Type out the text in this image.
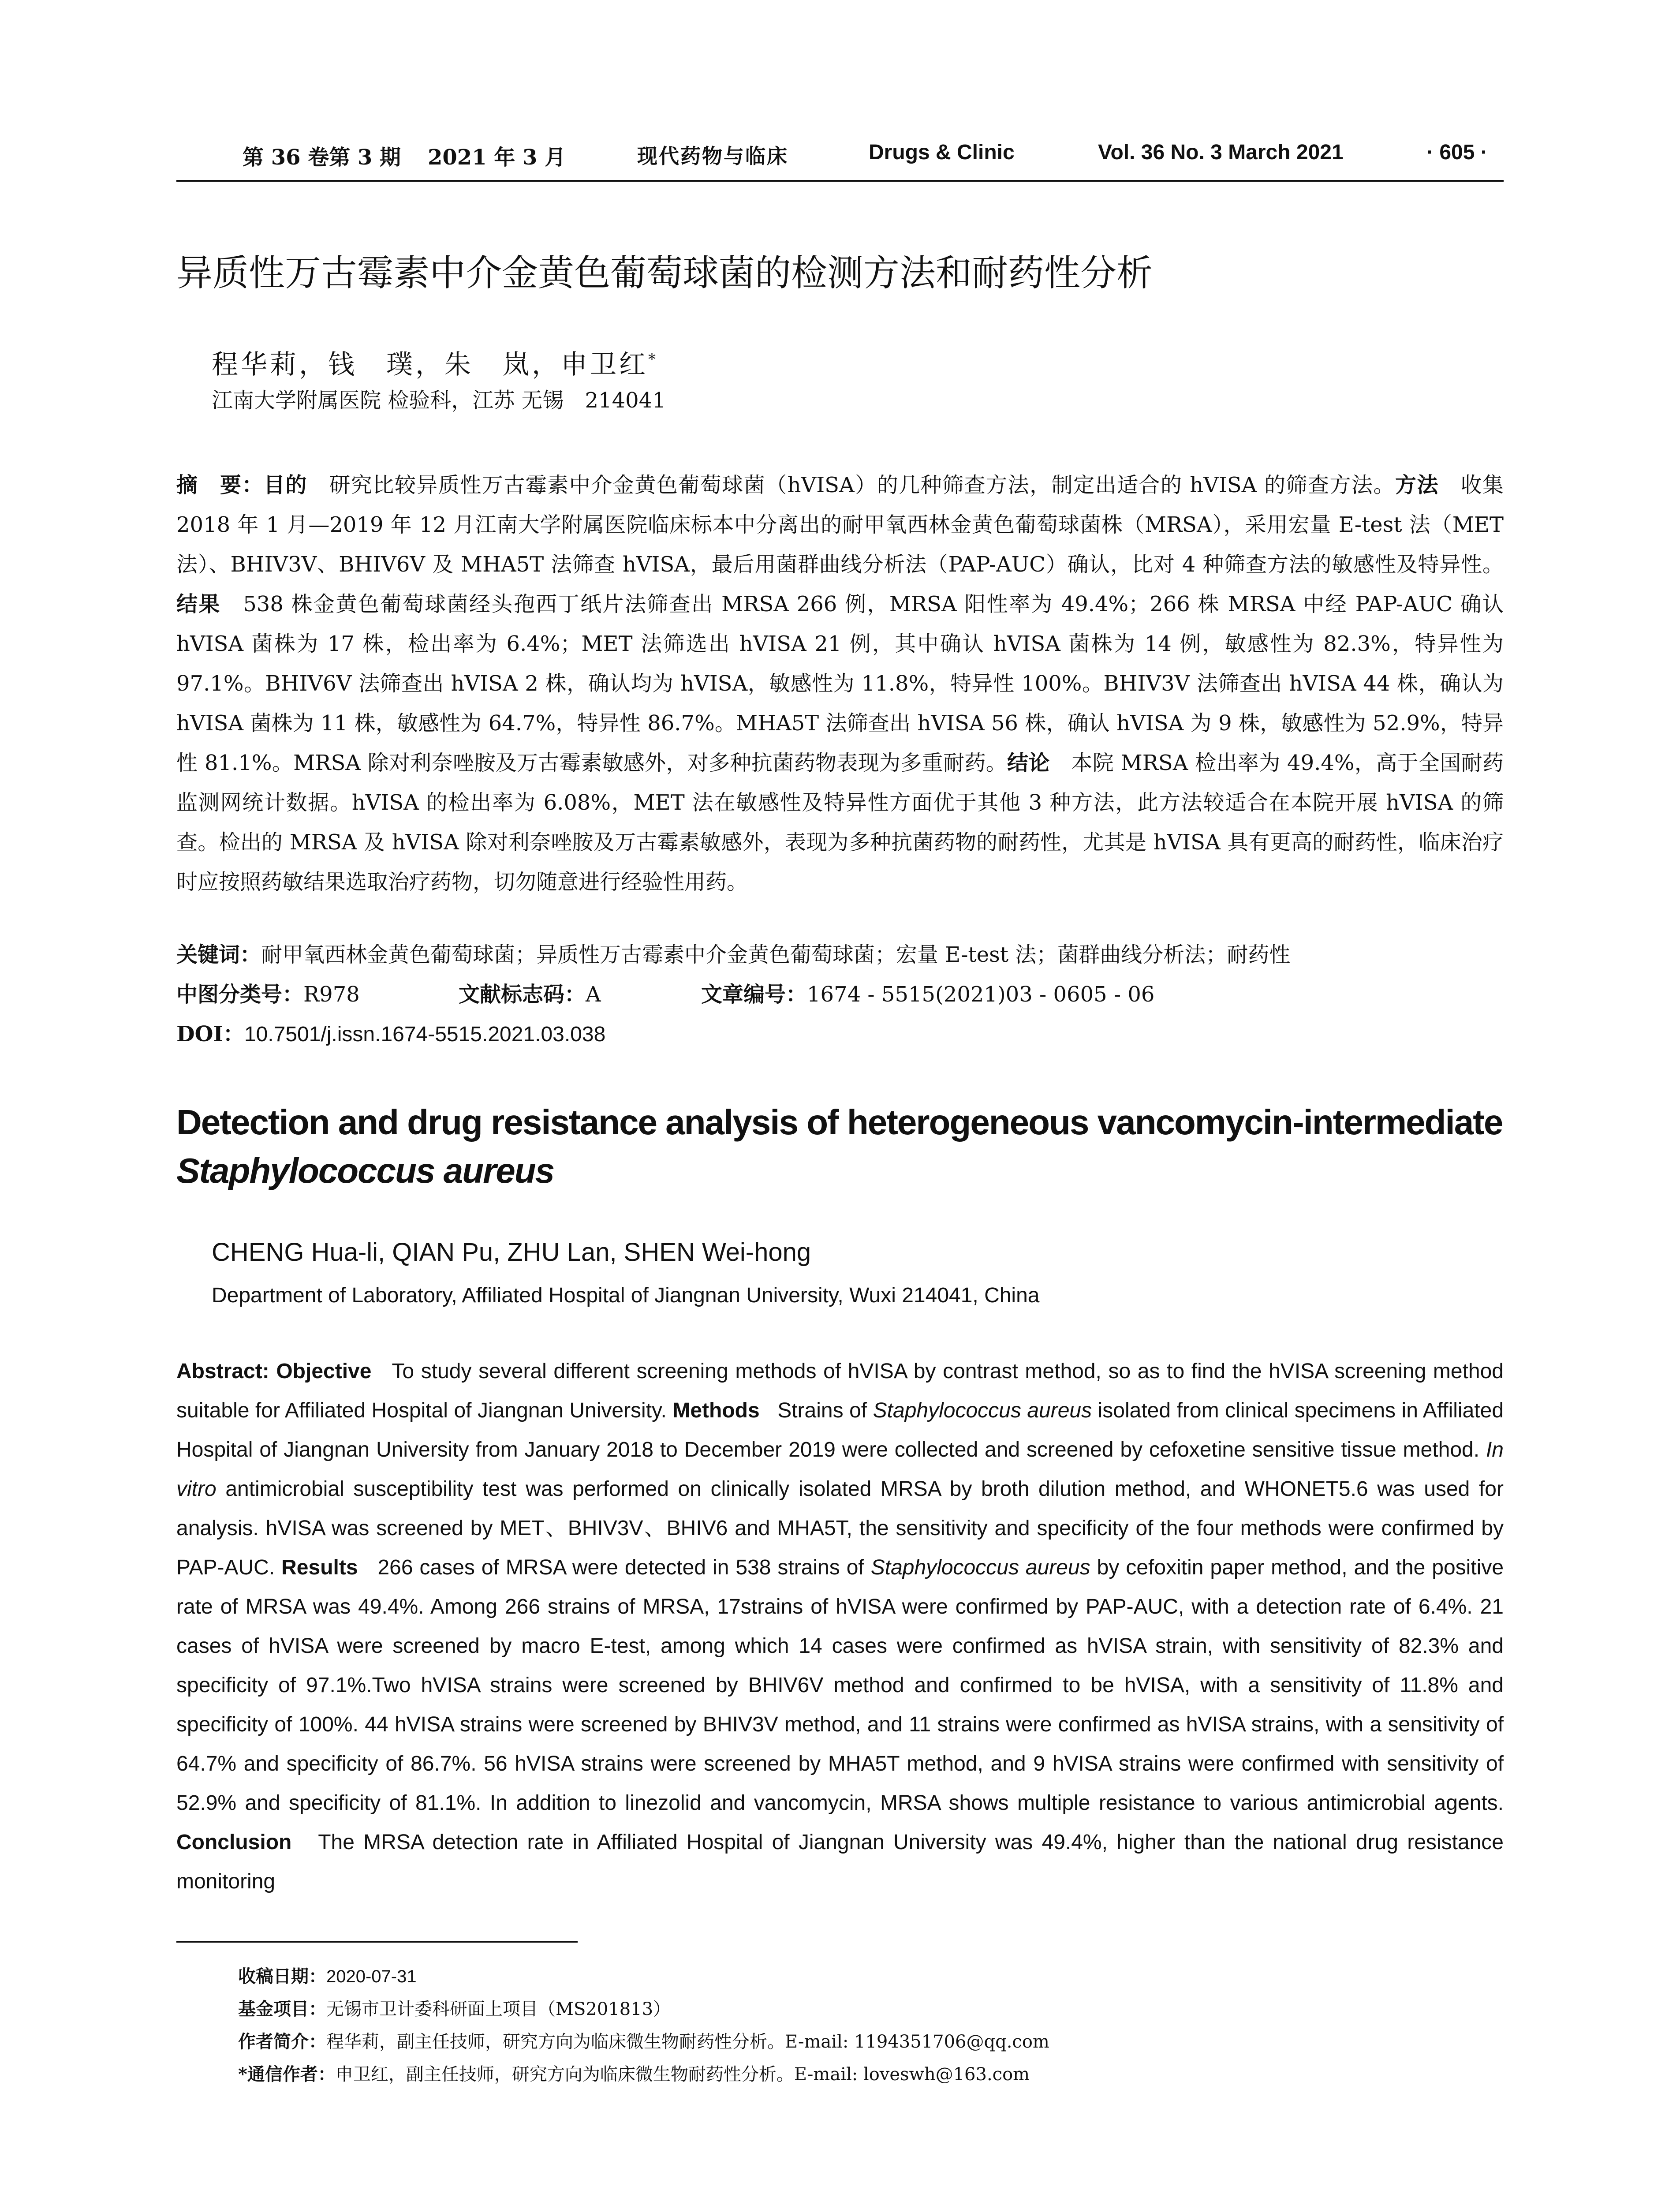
第 36 卷第 3 期 2021 年 3 月	现代药物与临床	Drugs & Clinic	Vol. 36 No. 3 March 2021	· 605 ·
异质性万古霉素中介金黄色葡萄球菌的检测方法和耐药性分析
程华莉，钱　璞，朱　岚，申卫红*
江南大学附属医院 检验科，江苏 无锡　214041
摘　要：目的　 研究比较异质性万古霉素中介金黄色葡萄球菌（hVISA）的几种筛查方法，制定出适合的 hVISA 的筛查方法。方法　 收集 2018 年 1 月—2019 年 12 月江南大学附属医院临床标本中分离出的耐甲氧西林金黄色葡萄球菌株（MRSA），采用宏量 E-test 法（MET 法）、BHIV3V、BHIV6V 及 MHA5T 法筛查 hVISA，最后用菌群曲线分析法（PAP-AUC）确认，比对 4 种筛查方法的敏感性及特异性。结果　 538 株金黄色葡萄球菌经头孢西丁纸片法筛查出 MRSA 266 例，MRSA 阳性率为 49.4%；266 株 MRSA 中经 PAP-AUC 确认 hVISA 菌株为 17 株，检出率为 6.4%；MET 法筛选出 hVISA 21 例，其中确认 hVISA 菌株为 14 例，敏感性为 82.3%，特异性为 97.1%。BHIV6V 法筛查出 hVISA 2 株，确认均为 hVISA，敏感性为 11.8%，特异性 100%。BHIV3V 法筛查出 hVISA 44 株，确认为 hVISA 菌株为 11 株，敏感性为 64.7%，特异性 86.7%。MHA5T 法筛查出 hVISA 56 株，确认 hVISA 为 9 株，敏感性为 52.9%，特异性 81.1%。MRSA 除对利奈唑胺及万古霉素敏感外，对多种抗菌药物表现为多重耐药。结论　 本院 MRSA 检出率为 49.4%，高于全国耐药监测网统计数据。hVISA 的检出率为 6.08%，MET 法在敏感性及特异性方面优于其他 3 种方法，此方法较适合在本院开展 hVISA 的筛查。检出的 MRSA 及 hVISA 除对利奈唑胺及万古霉素敏感外，表现为多种抗菌药物的耐药性，尤其是 hVISA 具有更高的耐药性，临床治疗时应按照药敏结果选取治疗药物，切勿随意进行经验性用药。
关键词：耐甲氧西林金黄色葡萄球菌；异质性万古霉素中介金黄色葡萄球菌；宏量 E-test 法；菌群曲线分析法；耐药性
中图分类号：R978	文献标志码：A	文章编号：1674 - 5515(2021)03 - 0605 - 06
DOI：10.7501/j.issn.1674-5515.2021.03.038
Detection and drug resistance analysis of heterogeneous vancomycin-intermediate
Staphylococcus aureus
CHENG Hua-li, QIAN Pu, ZHU Lan, SHEN Wei-hong
Department of Laboratory, Affiliated Hospital of Jiangnan University, Wuxi 214041, China
Abstract: Objective To study several different screening methods of hVISA by contrast method, so as to find the hVISA screening method suitable for Affiliated Hospital of Jiangnan University. Methods Strains of Staphylococcus aureus isolated from clinical specimens in Affiliated Hospital of Jiangnan University from January 2018 to December 2019 were collected and screened by cefoxetine sensitive tissue method. In vitro antimicrobial susceptibility test was performed on clinically isolated MRSA by broth dilution method, and WHONET5.6 was used for analysis. hVISA was screened by MET、BHIV3V、BHIV6 and MHA5T, the sensitivity and specificity of the four methods were confirmed by PAP-AUC. Results 266 cases of MRSA were detected in 538 strains of Staphylococcus aureus by cefoxitin paper method, and the positive rate of MRSA was 49.4%. Among 266 strains of MRSA, 17strains of hVISA were confirmed by PAP-AUC, with a detection rate of 6.4%. 21 cases of hVISA were screened by macro E-test, among which 14 cases were confirmed as hVISA strain, with sensitivity of 82.3% and specificity of 97.1%.Two hVISA strains were screened by BHIV6V method and confirmed to be hVISA, with a sensitivity of 11.8% and specificity of 100%. 44 hVISA strains were screened by BHIV3V method, and 11 strains were confirmed as hVISA strains, with a sensitivity of 64.7% and specificity of 86.7%. 56 hVISA strains were screened by MHA5T method, and 9 hVISA strains were confirmed with sensitivity of 52.9% and specificity of 81.1%. In addition to linezolid and vancomycin, MRSA shows multiple resistance to various antimicrobial agents. Conclusion The MRSA detection rate in Affiliated Hospital of Jiangnan University was 49.4%, higher than the national drug resistance monitoring
收稿日期：2020-07-31
基金项目：无锡市卫计委科研面上项目（MS201813）
作者简介：程华莉，副主任技师，研究方向为临床微生物耐药性分析。E-mail: 1194351706@qq.com
*通信作者：申卫红，副主任技师，研究方向为临床微生物耐药性分析。E-mail: loveswh@163.com
